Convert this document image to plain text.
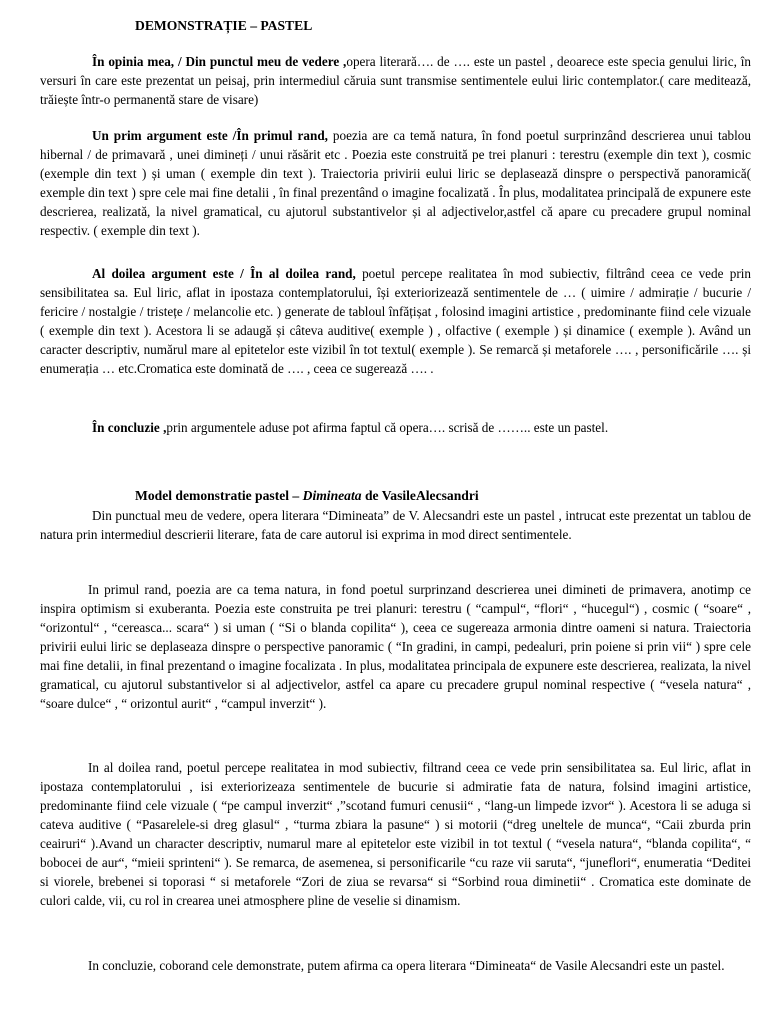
DEMONSTRAȚIE – PASTEL

În opinia mea, / Din punctul meu de vedere ,opera literară…. de …. este un pastel , deoarece este specia genului liric, în versuri în care este prezentat un peisaj, prin intermediul căruia sunt transmise sentimentele eului liric contemplator.( care meditează, trăiește într-o permanentă stare de visare)

Un prim argument este /În primul rand, poezia are ca temă natura, în fond poetul surprinzând descrierea unui tablou hibernal / de primavară , unei dimineți / unui răsărit etc . Poezia este construită pe trei planuri : terestru (exemple din text ), cosmic (exemple din text ) și uman ( exemple din text ). Traiectoria privirii eului liric se deplasează dinspre o perspectivă panoramică( exemple din text ) spre cele mai fine detalii , în final prezentând o imagine focalizată . În plus, modalitatea principală de expunere este descrierea, realizată, la nivel gramatical, cu ajutorul substantivelor și al adjectivelor,astfel că apare cu precadere grupul nominal respectiv. ( exemple din text ).

Al doilea argument este / În al doilea rand, poetul percepe realitatea în mod subiectiv, filtrând ceea ce vede prin sensibilitatea sa. Eul liric, aflat in ipostaza contemplatorului, își exteriorizează sentimentele de … ( uimire / admirație / bucurie / fericire / nostalgie / tristețe / melancolie etc. ) generate de tabloul înfățișat , folosind imagini artistice , predominante fiind cele vizuale ( exemple din text ). Acestora li se adaugă și câteva auditive( exemple ) , olfactive ( exemple ) și dinamice ( exemple ). Având un caracter descriptiv, numărul mare al epitetelor este vizibil în tot textul( exemple ). Se remarcă și metaforele …. , personificările …. și enumerația … etc.Cromatica este dominată de …. , ceea ce sugerează …. .

În concluzie ,prin argumentele aduse pot afirma faptul că opera…. scrisă de …….. este un pastel.

Model demonstratie pastel – Dimineata de VasileAlecsandri

Din punctual meu de vedere, opera literara “Dimineata” de V. Alecsandri este un pastel , intrucat este prezentat un tablou de natura prin intermediul descrierii literare, fata de care autorul isi exprima in mod direct sentimentele.

In primul rand, poezia are ca tema natura, in fond poetul surprinzand descrierea unei dimineti de primavera, anotimp ce inspira optimism si exuberanta. Poezia este construita pe trei planuri: terestru ( “campul“, “flori“ , “hucegul“) , cosmic ( “soare“ , “orizontul“ , “cereasca... scara“ ) si uman ( “Si o blanda copilita“ ), ceea ce sugereaza armonia dintre oameni si natura. Traiectoria privirii eului liric se deplaseaza dinspre o perspective panoramic ( “In gradini, in campi, pedealuri, prin poiene si prin vii“ ) spre cele mai fine detalii, in final prezentand o imagine focalizata . In plus, modalitatea principala de expunere este descrierea, realizata, la nivel gramatical, cu ajutorul substantivelor si al adjectivelor, astfel ca apare cu precadere grupul nominal respective ( “vesela natura“ , “soare dulce“ , “ orizontul aurit“ , “campul inverzit“ ).

In al doilea rand, poetul percepe realitatea in mod subiectiv, filtrand ceea ce vede prin sensibilitatea sa. Eul liric, aflat in ipostaza contemplatorului , isi exteriorizeaza sentimentele de bucurie si admiratie fata de natura, folsind imagini artistice, predominante fiind cele vizuale ( “pe campul inverzit“ ,”scotand fumuri cenusii“ , “lang-un limpede izvor“ ). Acestora li se aduga si cateva auditive ( “Pasarelele-si dreg glasul“ , “turma zbiara la pasune“ ) si motorii (“dreg uneltele de munca“, “Caii zburda prin ceairuri“ ).Avand un character descriptiv, numarul mare al epitetelor este vizibil in tot textul ( “vesela natura“, “blanda copilita“, “ bobocei de aur“, “mieii sprinteni“ ). Se remarca, de asemenea, si personificarile “cu raze vii saruta“, “juneflori“, enumeratia “Deditei si viorele, brebenei si toporasi “ si metaforele “Zori de ziua se revarsa“ si “Sorbind roua diminetii“ . Cromatica este dominate de culori calde, vii, cu rol in crearea unei atmosphere pline de veselie si dinamism.

In concluzie, coborand cele demonstrate, putem afirma ca opera literara “Dimineata“ de Vasile Alecsandri este un pastel.
